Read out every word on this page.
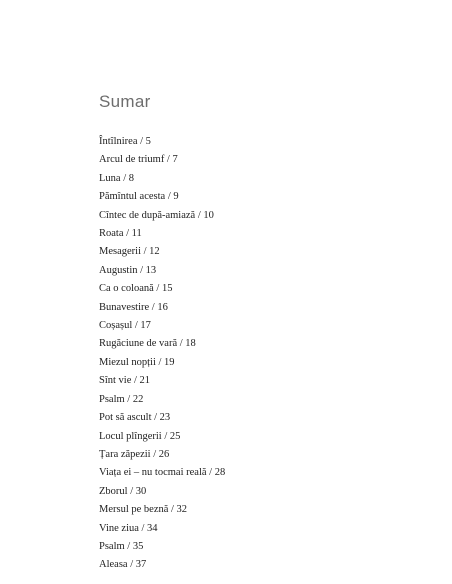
Sumar
Întîlnirea / 5
Arcul de triumf / 7
Luna / 8
Pămîntul acesta / 9
Cîntec de după-amiază / 10
Roata / 11
Mesagerii / 12
Augustin / 13
Ca o coloană / 15
Bunavestire / 16
Coșașul / 17
Rugăciune de vară / 18
Miezul nopții / 19
Sînt vie / 21
Psalm / 22
Pot să ascult / 23
Locul plîngerii / 25
Țara zăpezii / 26
Viața ei – nu tocmai reală / 28
Zborul / 30
Mersul pe beznă / 32
Vine ziua / 34
Psalm / 35
Aleasa / 37
